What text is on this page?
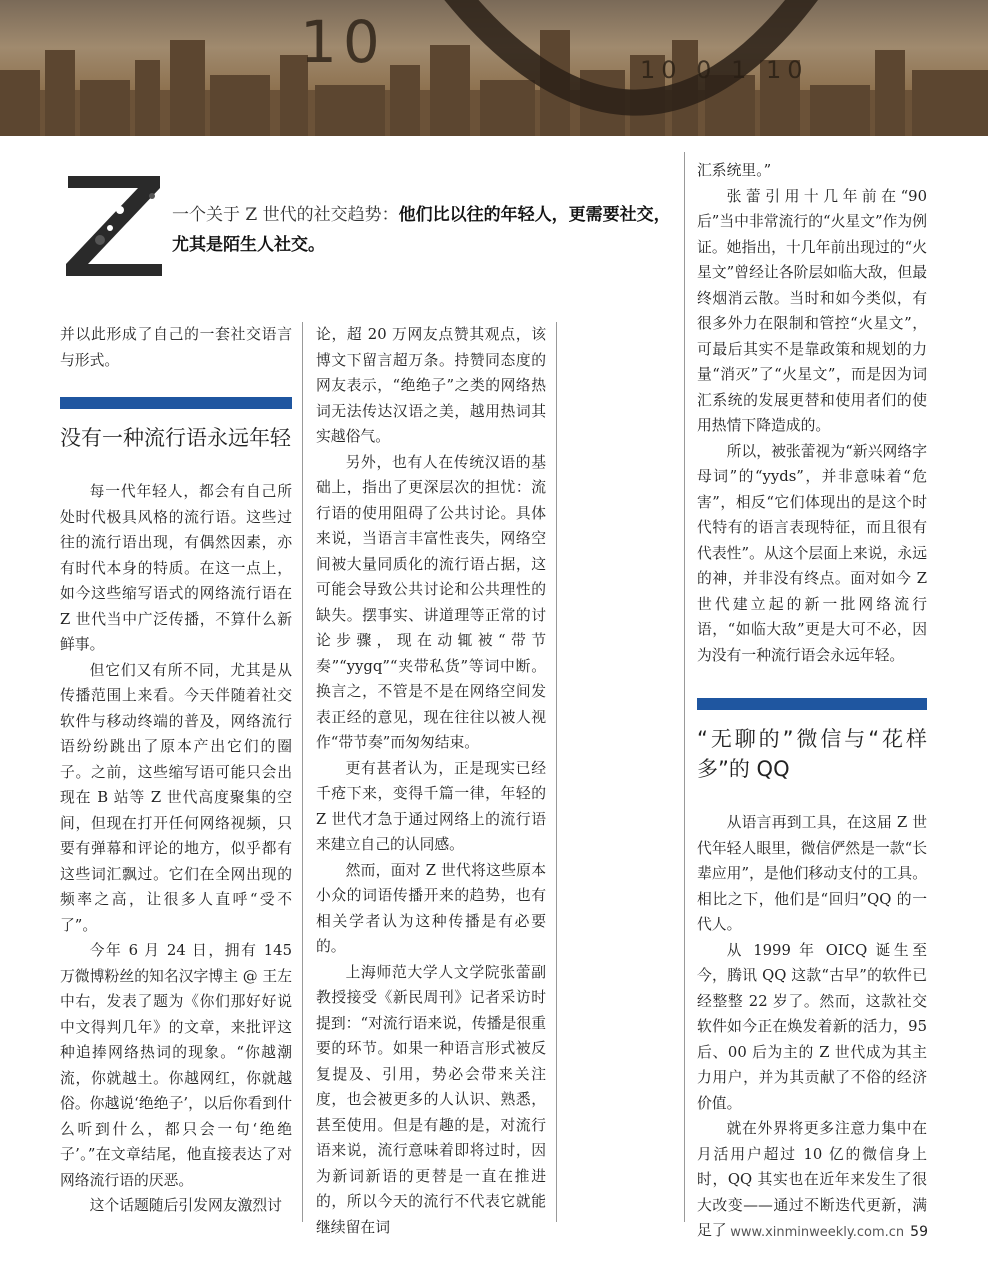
10	10 0 1 10
一个关于 Z 世代的社交趋势：他们比以往的年轻人，更需要社交，尤其是陌生人社交。

并以此形成了自己的一套社交语言与形式。

没有一种流行语永远年轻

每一代年轻人，都会有自己所处时代极具风格的流行语。这些过往的流行语出现，有偶然因素，亦有时代本身的特质。在这一点上，如今这些缩写语式的网络流行语在 Z 世代当中广泛传播，不算什么新鲜事。

但它们又有所不同，尤其是从传播范围上来看。今天伴随着社交软件与移动终端的普及，网络流行语纷纷跳出了原本产出它们的圈子。之前，这些缩写语可能只会出现在 B 站等 Z 世代高度聚集的空间，但现在打开任何网络视频，只要有弹幕和评论的地方，似乎都有这些词汇飘过。它们在全网出现的频率之高，让很多人直呼“受不了”。

今年 6 月 24 日，拥有 145 万微博粉丝的知名汉字博主 @ 王左中右，发表了题为《你们那好好说中文得判几年》的文章，来批评这种追捧网络热词的现象。“你越潮流，你就越土。你越网红，你就越俗。你越说‘绝绝子’，以后你看到什么听到什么，都只会一句‘绝绝子’。”在文章结尾，他直接表达了对网络流行语的厌恶。

这个话题随后引发网友激烈讨

论，超 20 万网友点赞其观点，该博文下留言超万条。持赞同态度的网友表示，“绝绝子”之类的网络热词无法传达汉语之美，越用热词其实越俗气。

另外，也有人在传统汉语的基础上，指出了更深层次的担忧：流行语的使用阻碍了公共讨论。具体来说，当语言丰富性丧失，网络空间被大量同质化的流行语占据，这可能会导致公共讨论和公共理性的缺失。摆事实、讲道理等正常的讨论步骤，现在动辄被“带节奏”“yygq”“夹带私货”等词中断。换言之，不管是不是在网络空间发表正经的意见，现在往往以被人视作“带节奏”而匆匆结束。

更有甚者认为，正是现实已经千疮下来，变得千篇一律，年轻的 Z 世代才急于通过网络上的流行语来建立自己的认同感。

然而，面对 Z 世代将这些原本小众的词语传播开来的趋势，也有相关学者认为这种传播是有必要的。

上海师范大学人文学院张蕾副教授接受《新民周刊》记者采访时提到：“对流行语来说，传播是很重要的环节。如果一种语言形式被反复提及、引用，势必会带来关注度，也会被更多的人认识、熟悉，甚至使用。但是有趣的是，对流行语来说，流行意味着即将过时，因为新词新语的更替是一直在推进的，所以今天的流行不代表它就能继续留在词

汇系统里。”

张蕾引用十几年前在“90 后”当中非常流行的“火星文”作为例证。她指出，十几年前出现过的“火星文”曾经让各阶层如临大敌，但最终烟消云散。当时和如今类似，有很多外力在限制和管控“火星文”，可最后其实不是靠政策和规划的力量“消灭”了“火星文”，而是因为词汇系统的发展更替和使用者们的使用热情下降造成的。

所以，被张蕾视为“新兴网络字母词”的“yyds”，并非意味着“危害”，相反“它们体现出的是这个时代特有的语言表现特征，而且很有代表性”。从这个层面上来说，永远的神，并非没有终点。面对如今 Z 世代建立起的新一批网络流行语，“如临大敌”更是大可不必，因为没有一种流行语会永远年轻。

“无聊的”微信与“花样多”的 QQ

从语言再到工具，在这届 Z 世代年轻人眼里，微信俨然是一款“长辈应用”，是他们移动支付的工具。相比之下，他们是“回归”QQ 的一代人。

从 1999 年 OICQ 诞生至今，腾讯 QQ 这款“古早”的软件已经整整 22 岁了。然而，这款社交软件如今正在焕发着新的活力，95 后、00 后为主的 Z 世代成为其主力用户，并为其贡献了不俗的经济价值。

就在外界将更多注意力集中在月活用户超过 10 亿的微信身上时，QQ 其实也在近年来发生了很大改变——通过不断迭代更新，满足了 www.xinminweekly.com.cn 59
